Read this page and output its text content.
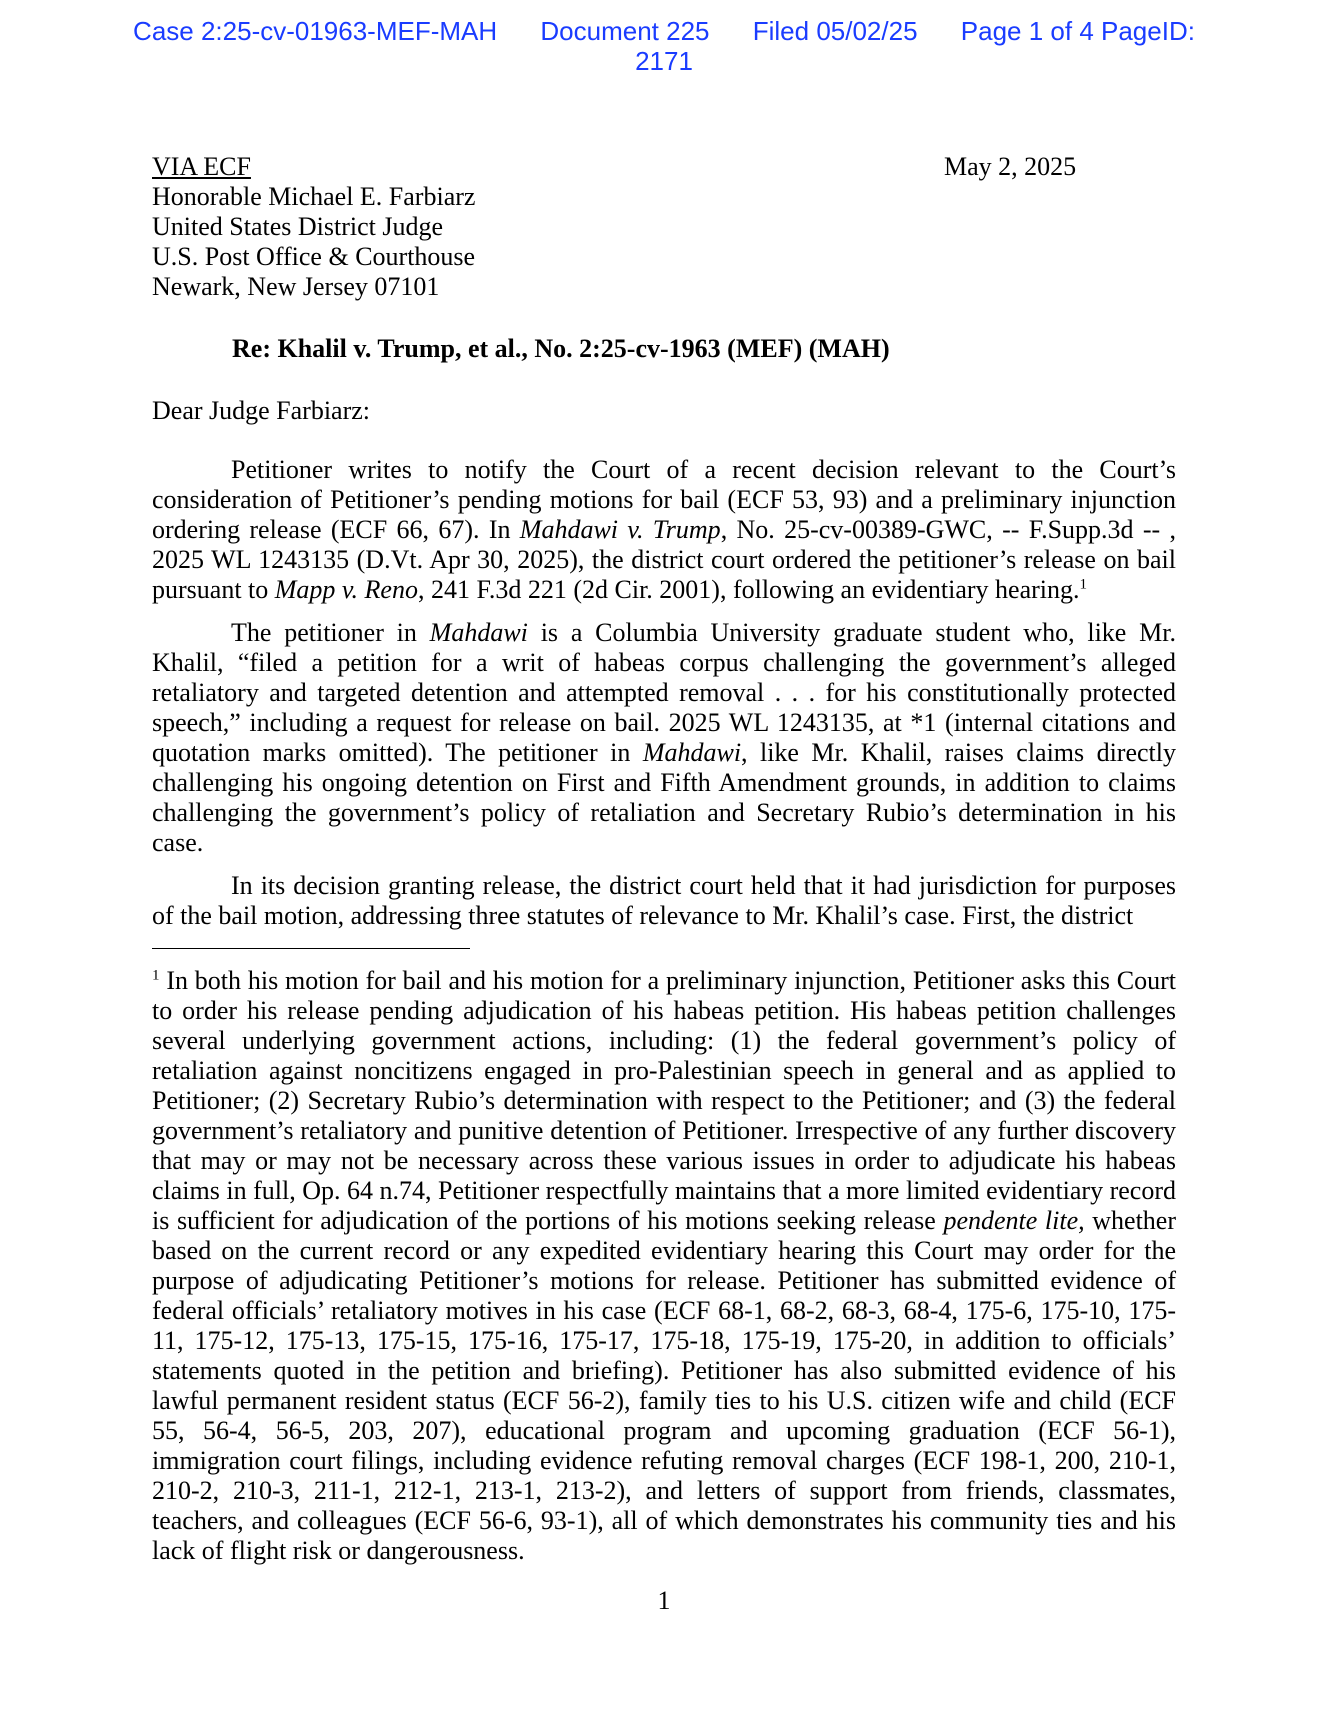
Case 2:25-cv-01963-MEF-MAH Document 225 Filed 05/02/25 Page 1 of 4 PageID:
2171
VIA ECF
Honorable Michael E. Farbiarz
United States District Judge
U.S. Post Office & Courthouse
Newark, New Jersey 07101
May 2, 2025
Re: Khalil v. Trump, et al., No. 2:25-cv-1963 (MEF) (MAH)
Dear Judge Farbiarz:

Petitioner writes to notify the Court of a recent decision relevant to the Court’s consideration of Petitioner’s pending motions for bail (ECF 53, 93) and a preliminary injunction ordering release (ECF 66, 67). In Mahdawi v. Trump, No. 25-cv-00389-GWC, -- F.Supp.3d -- , 2025 WL 1243135 (D.Vt. Apr 30, 2025), the district court ordered the petitioner’s release on bail pursuant to Mapp v. Reno, 241 F.3d 221 (2d Cir. 2001), following an evidentiary hearing.$^1$

The petitioner in Mahdawi is a Columbia University graduate student who, like Mr. Khalil, “filed a petition for a writ of habeas corpus challenging the government’s alleged retaliatory and targeted detention and attempted removal . . . for his constitutionally protected speech,” including a request for release on bail. 2025 WL 1243135, at *1 (internal citations and quotation marks omitted). The petitioner in Mahdawi, like Mr. Khalil, raises claims directly challenging his ongoing detention on First and Fifth Amendment grounds, in addition to claims challenging the government’s policy of retaliation and Secretary Rubio’s determination in his case.

In its decision granting release, the district court held that it had jurisdiction for purposes of the bail motion, addressing three statutes of relevance to Mr. Khalil’s case. First, the district

$^1$ In both his motion for bail and his motion for a preliminary injunction, Petitioner asks this Court to order his release pending adjudication of his habeas petition. His habeas petition challenges several underlying government actions, including: (1) the federal government’s policy of retaliation against noncitizens engaged in pro-Palestinian speech in general and as applied to Petitioner; (2) Secretary Rubio’s determination with respect to the Petitioner; and (3) the federal government’s retaliatory and punitive detention of Petitioner. Irrespective of any further discovery that may or may not be necessary across these various issues in order to adjudicate his habeas claims in full, Op. 64 n.74, Petitioner respectfully maintains that a more limited evidentiary record is sufficient for adjudication of the portions of his motions seeking release pendente lite, whether based on the current record or any expedited evidentiary hearing this Court may order for the purpose of adjudicating Petitioner’s motions for release. Petitioner has submitted evidence of federal officials’ retaliatory motives in his case (ECF 68-1, 68-2, 68-3, 68-4, 175-6, 175-10, 175-11, 175-12, 175-13, 175-15, 175-16, 175-17, 175-18, 175-19, 175-20, in addition to officials’ statements quoted in the petition and briefing). Petitioner has also submitted evidence of his lawful permanent resident status (ECF 56-2), family ties to his U.S. citizen wife and child (ECF 55, 56-4, 56-5, 203, 207), educational program and upcoming graduation (ECF 56-1), immigration court filings, including evidence refuting removal charges (ECF 198-1, 200, 210-1, 210-2, 210-3, 211-1, 212-1, 213-1, 213-2), and letters of support from friends, classmates, teachers, and colleagues (ECF 56-6, 93-1), all of which demonstrates his community ties and his lack of flight risk or dangerousness.

1
